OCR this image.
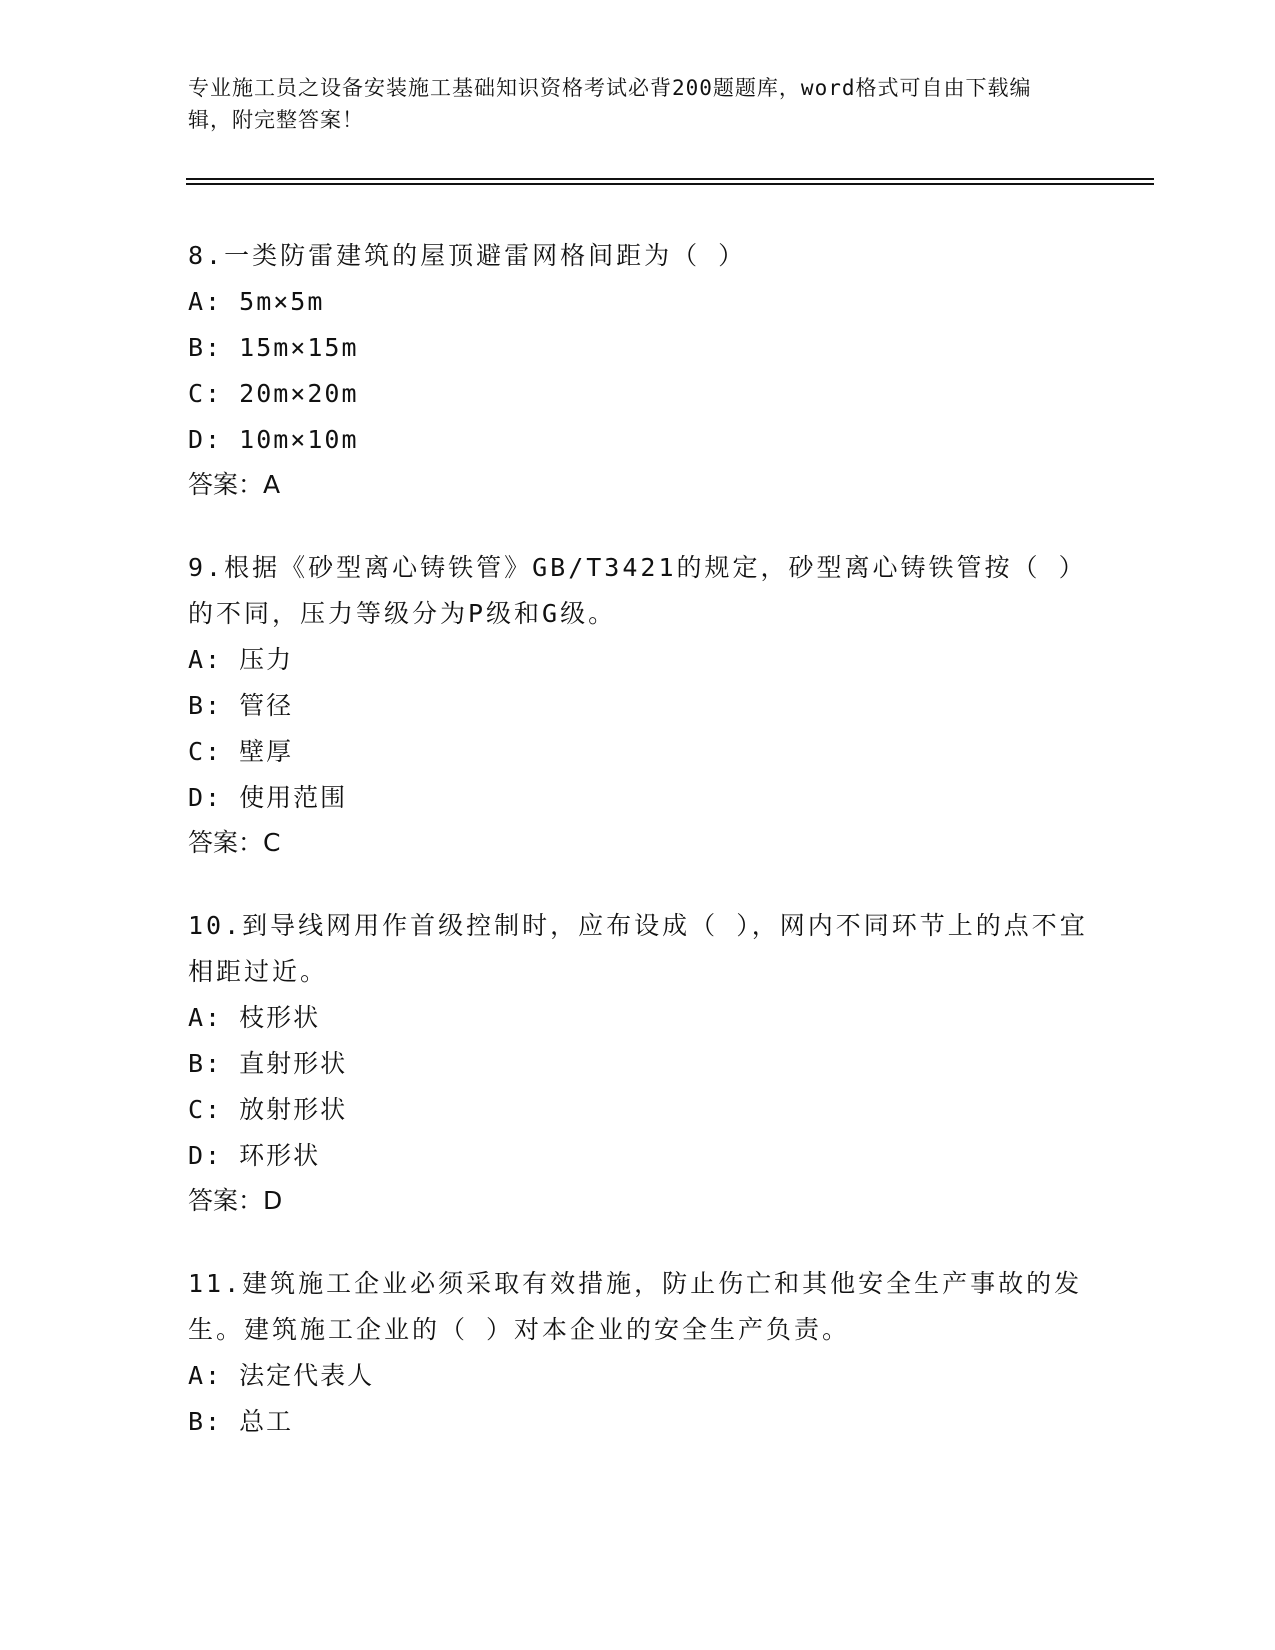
专业施工员之设备安装施工基础知识资格考试必背200题题库，word格式可自由下载编辑，附完整答案！

8.一类防雷建筑的屋顶避雷网格间距为（ ）

A: 5m×5m

B: 15m×15m

C: 20m×20m

D: 10m×10m

答案：A

9.根据《砂型离心铸铁管》GB/T3421的规定，砂型离心铸铁管按（ ）的不同，压力等级分为P级和G级。

A: 压力

B: 管径

C: 壁厚

D: 使用范围

答案：C

10.到导线网用作首级控制时，应布设成（ ），网内不同环节上的点不宜相距过近。

A: 枝形状

B: 直射形状

C: 放射形状

D: 环形状

答案：D

11.建筑施工企业必须采取有效措施，防止伤亡和其他安全生产事故的发生。建筑施工企业的（ ）对本企业的安全生产负责。

A: 法定代表人

B: 总工
